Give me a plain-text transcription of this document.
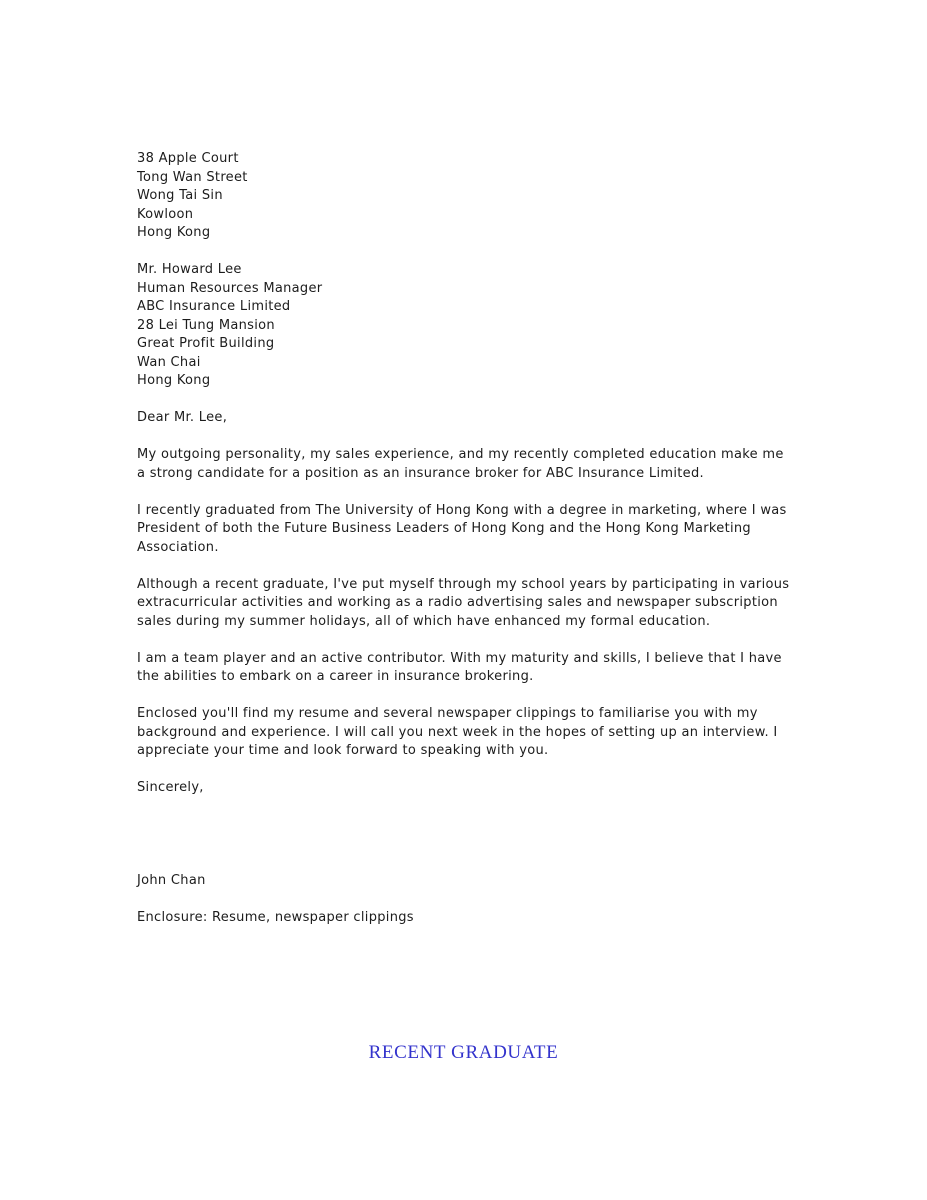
38 Apple Court
Tong Wan Street
Wong Tai Sin
Kowloon
Hong Kong
Mr. Howard Lee
Human Resources Manager
ABC Insurance Limited
28 Lei Tung Mansion
Great Profit Building
Wan Chai
Hong Kong
Dear Mr. Lee,

My outgoing personality, my sales experience, and my recently completed education make me a strong candidate for a position as an insurance broker for ABC Insurance Limited.

I recently graduated from The University of Hong Kong with a degree in marketing, where I was President of both the Future Business Leaders of Hong Kong and the Hong Kong Marketing Association.

Although a recent graduate, I've put myself through my school years by participating in various extracurricular activities and working as a radio advertising sales and newspaper subscription sales during my summer holidays, all of which have enhanced my formal education.

I am a team player and an active contributor. With my maturity and skills, I believe that I have the abilities to embark on a career in insurance brokering.

Enclosed you'll find my resume and several newspaper clippings to familiarise you with my background and experience. I will call you next week in the hopes of setting up an interview. I appreciate your time and look forward to speaking with you.

Sincerely,
John Chan
Enclosure: Resume, newspaper clippings
RECENT GRADUATE
